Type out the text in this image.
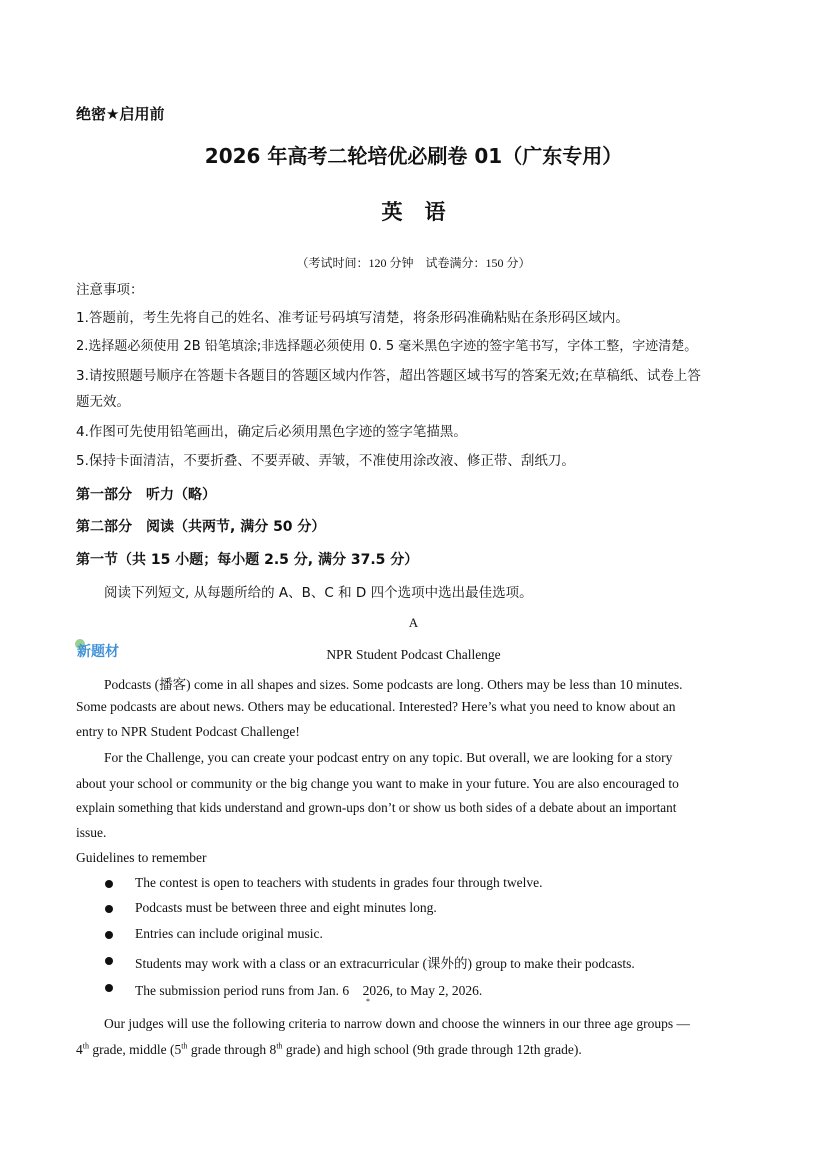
绝密★启用前
2026 年高考二轮培优必刷卷 01（广东专用）
英语
（考试时间：120 分钟　试卷满分：150 分）
注意事项：
1.答题前，考生先将自己的姓名、准考证号码填写清楚，将条形码准确粘贴在条形码区域内。
2.选择题必须使用 2B 铅笔填涂;非选择题必须使用 0. 5 毫米黑色字迹的签字笔书写，字体工整，字迹清楚。
3.请按照题号顺序在答题卡各题目的答题区域内作答，超出答题区域书写的答案无效;在草稿纸、试卷上答
题无效。
4.作图可先使用铅笔画出，确定后必须用黑色字迹的签字笔描黑。
5.保持卡面清洁，不要折叠、不要弄破、弄皱，不准使用涂改液、修正带、刮纸刀。
第一部分　听力（略）
第二部分　阅读（共两节, 满分 50 分）
第一节（共 15 小题；每小题 2.5 分, 满分 37.5 分）
阅读下列短文, 从每题所给的 A、B、C 和 D 四个选项中选出最佳选项。
A
新题材	NPR Student Podcast Challenge
Podcasts (播客) come in all shapes and sizes. Some podcasts are long. Others may be less than 10 minutes.
Some podcasts are about news. Others may be educational. Interested? Here’s what you need to know about an
entry to NPR Student Podcast Challenge!
For the Challenge, you can create your podcast entry on any topic. But overall, we are looking for a story
about your school or community or the big change you want to make in your future. You are also encouraged to
explain something that kids understand and grown-ups don’t or show us both sides of a debate about an important
issue.
Guidelines to remember
The contest is open to teachers with students in grades four through twelve.
Podcasts must be between three and eight minutes long.
Entries can include original music.
Students may work with a class or an extracurricular (课外的) group to make their podcasts.
The submission period runs from Jan. 6　2026, to May 2, 2026.
*
Our judges will use the following criteria to narrow down and choose the winners in our three age groups —
4th grade, middle (5th grade through 8th grade) and high school (9th grade through 12th grade).
